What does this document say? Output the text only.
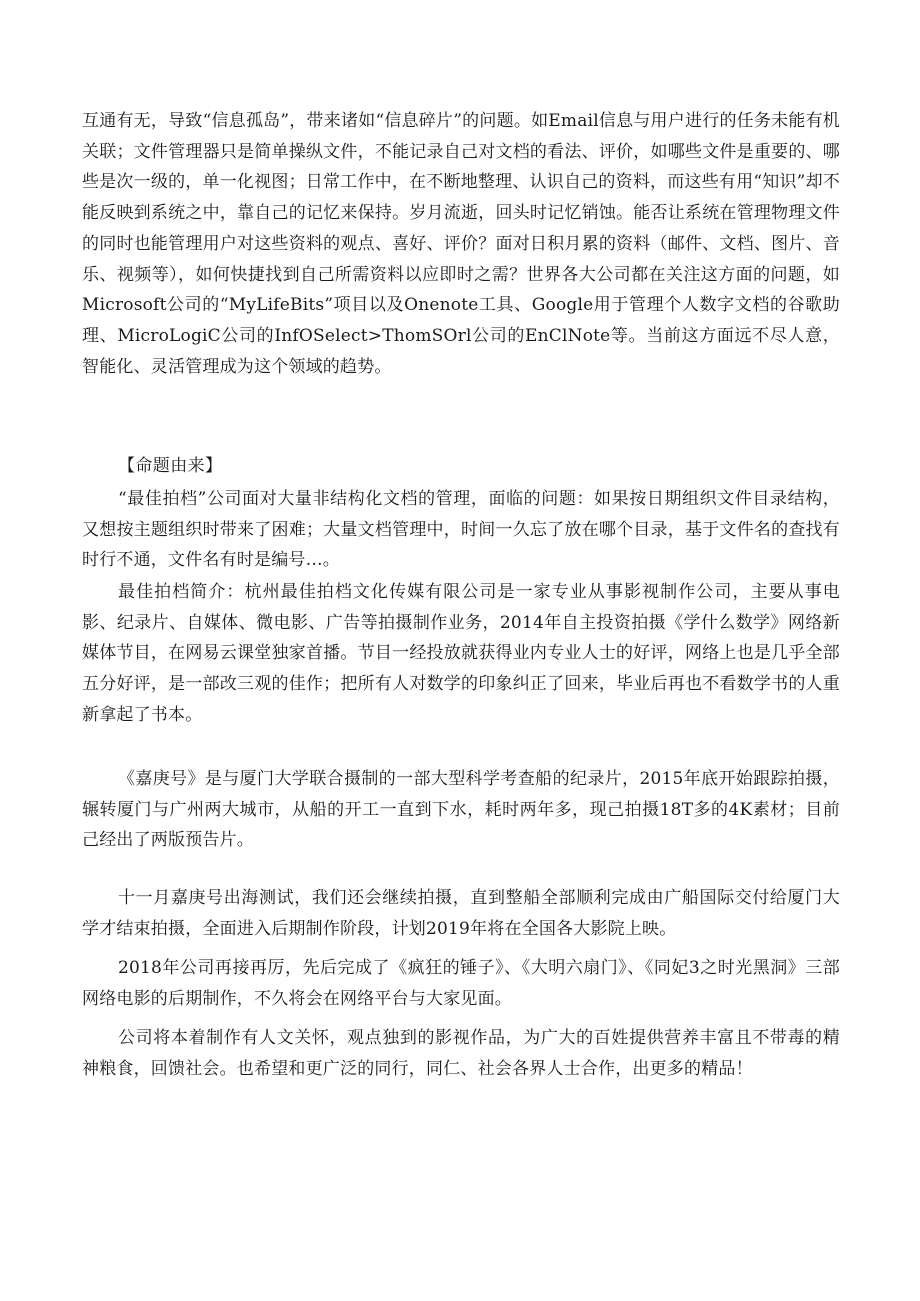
互通有无，导致“信息孤岛”，带来诸如“信息碎片”的问题。如Email信息与用户进行的任务未能有机关联；文件管理器只是简单操纵文件，不能记录自己对文档的看法、评价，如哪些文件是重要的、哪些是次一级的，单一化视图；日常工作中，在不断地整理、认识自己的资料，而这些有用“知识”却不能反映到系统之中，靠自己的记忆来保持。岁月流逝，回头时记忆销蚀。能否让系统在管理物理文件的同时也能管理用户对这些资料的观点、喜好、评价？面对日积月累的资料（邮件、文档、图片、音乐、视频等），如何快捷找到自己所需资料以应即时之需？世界各大公司都在关注这方面的问题，如Microsoft公司的“MyLifeBits”项目以及Onenote工具、Google用于管理个人数字文档的谷歌助理、MicroLogiC公司的InfOSelect>ThomSOrl公司的EnClNote等。当前这方面远不尽人意，智能化、灵活管理成为这个领域的趋势。

【命题由来】

“最佳拍档”公司面对大量非结构化文档的管理，面临的问题：如果按日期组织文件目录结构，又想按主题组织时带来了困难；大量文档管理中，时间一久忘了放在哪个目录，基于文件名的查找有时行不通，文件名有时是编号…。

最佳拍档简介：杭州最佳拍档文化传媒有限公司是一家专业从事影视制作公司，主要从事电影、纪录片、自媒体、微电影、广告等拍摄制作业务，2014年自主投资拍摄《学什么数学》网络新媒体节目，在网易云课堂独家首播。节目一经投放就获得业内专业人士的好评，网络上也是几乎全部五分好评，是一部改三观的佳作；把所有人对数学的印象纠正了回来，毕业后再也不看数学书的人重新拿起了书本。

《嘉庚号》是与厦门大学联合摄制的一部大型科学考查船的纪录片，2015年底开始跟踪拍摄，辗转厦门与广州两大城市，从船的开工一直到下水，耗时两年多，现己拍摄18T多的4K素材；目前己经出了两版预告片。

十一月嘉庚号出海测试，我们还会继续拍摄，直到整船全部顺利完成由广船国际交付给厦门大学才结束拍摄，全面进入后期制作阶段，计划2019年将在全国各大影院上映。

2018年公司再接再厉，先后完成了《疯狂的锤子》、《大明六扇门》、《同妃3之时光黑洞》三部网络电影的后期制作，不久将会在网络平台与大家见面。

公司将本着制作有人文关怀，观点独到的影视作品，为广大的百姓提供营养丰富且不带毒的精神粮食，回馈社会。也希望和更广泛的同行，同仁、社会各界人士合作，出更多的精品！
